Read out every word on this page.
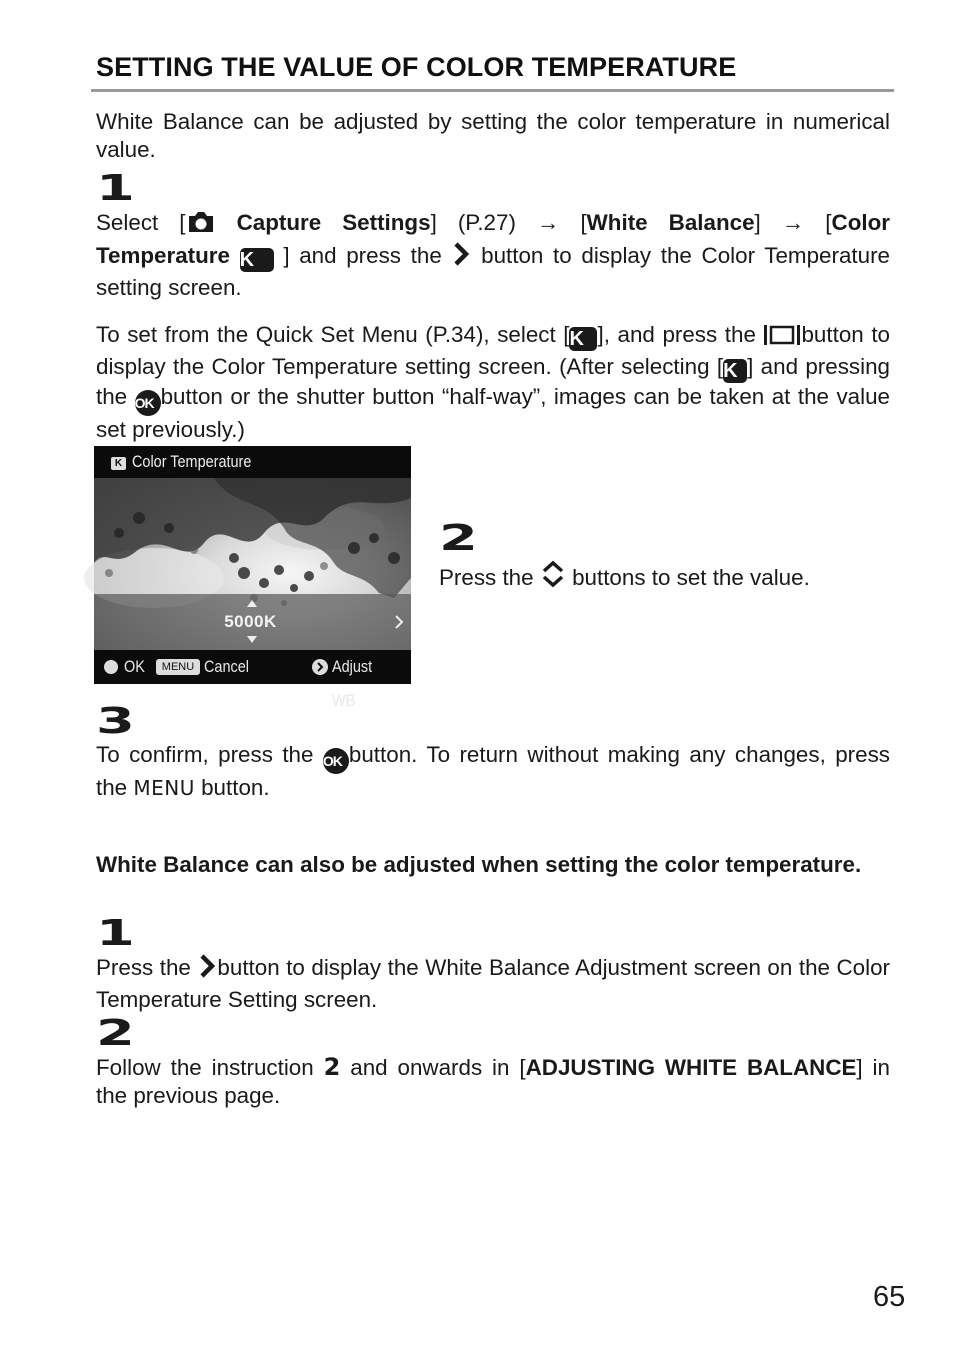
SETTING THE VALUE OF COLOR TEMPERATURE

White Balance can be adjusted by setting the color temperature in numerical value.

1

Select [ Capture Settings] (P.27) → [White Balance] → [Color Temperature K ] and press the button to display the Color Temperature setting screen.

To set from the Quick Set Menu (P.34), select [K ], and press the button to display the Color Temperature setting screen. (After selecting [K ] and pressing the OK button or the shutter button “half-way”, images can be taken at the value set previously.)

K Color Temperature
5000K
OK	MENU Cancel	Adjust WB
2

Press the buttons to set the value.

3

To confirm, press the OK button. To return without making any changes, press the MENU button.

White Balance can also be adjusted when setting the color temperature.

1

Press the button to display the White Balance Adjustment screen on the Color Temperature Setting screen.

2

Follow the instruction 2 and onwards in [ADJUSTING WHITE BALANCE] in the previous page.

65
